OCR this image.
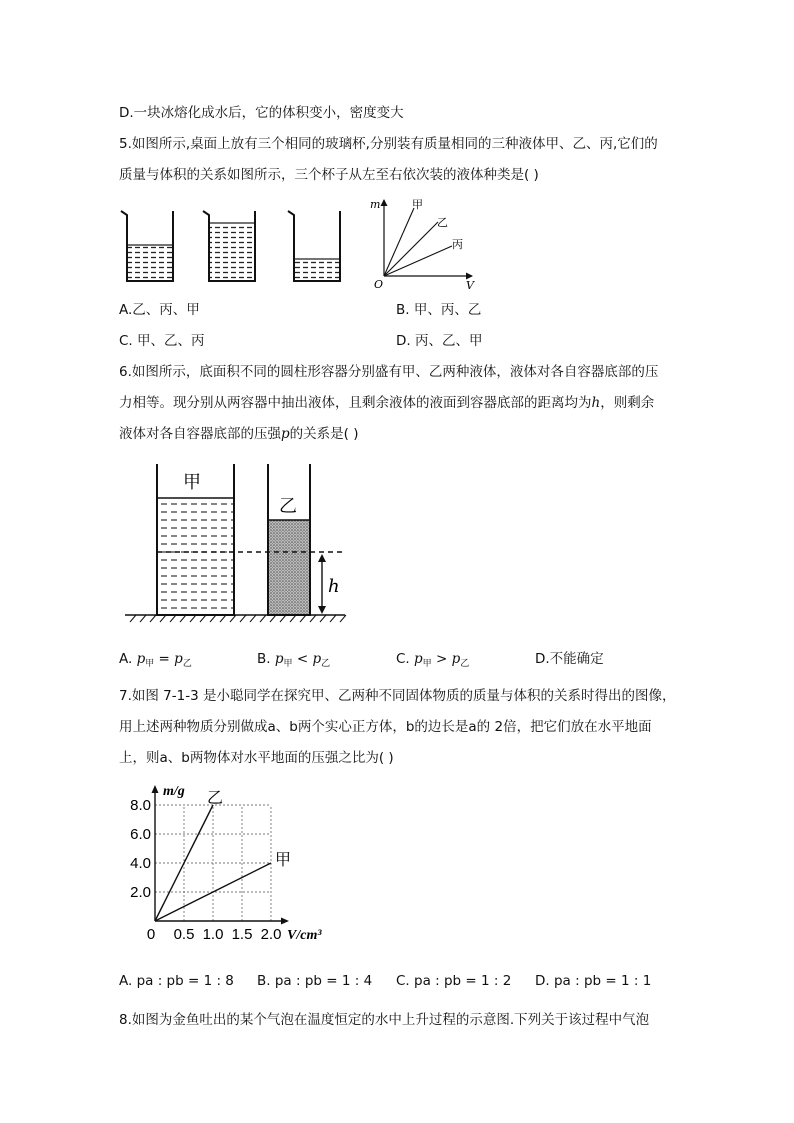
D.一块冰熔化成水后，它的体积变小，密度变大
5.如图所示,桌面上放有三个相同的玻璃杯,分别装有质量相同的三种液体甲、乙、丙,它们的
质量与体积的关系如图所示，三个杯子从左至右依次装的液体种类是( )
m
V
O
甲
乙
丙
A.乙、丙、甲	B. 甲、丙、乙
C. 甲、乙、丙	D. 丙、乙、甲
6.如图所示，底面积不同的圆柱形容器分别盛有甲、乙两种液体，液体对各自容器底部的压
力相等。现分别从两容器中抽出液体，且剩余液体的液面到容器底部的距离均为h，则剩余
液体对各自容器底部的压强p的关系是( )
甲
乙
h
A. $p_甲 = p_乙$	B. $p_甲 < p_乙$	C. $p_甲 > p_乙$	D.不能确定
7.如图 7-1-3 是小聪同学在探究甲、乙两种不同固体物质的质量与体积的关系时得出的图像，
用上述两种物质分别做成a、b两个实心正方体，b的边长是a的 2倍，把它们放在水平地面
上，则a、b两物体对水平地面的压强之比为( )
0 0.5 1.0 1.5 2.0
2.0
4.0
6.0
8.0
m/g
V/cm³
乙
甲
A. pa : pb = 1 : 8 B. pa : pb = 1 : 4 C. pa : pb = 1 : 2 D. pa : pb = 1 : 1
8.如图为金鱼吐出的某个气泡在温度恒定的水中上升过程的示意图.下列关于该过程中气泡
